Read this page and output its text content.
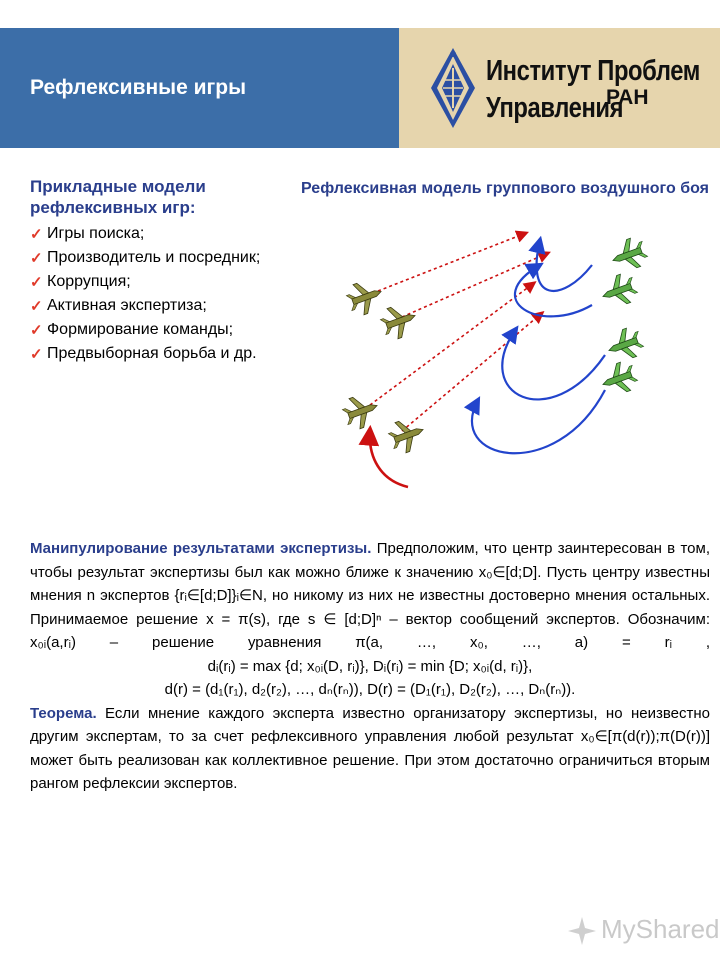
Рефлексивные игры
Институт Проблем
Управления
РАН
Прикладные модели рефлексивных игр:
✓ Игры поиска;
✓ Производитель и посредник;
✓ Коррупция;
✓ Активная экспертиза;
✓ Формирование команды;
✓ Предвыборная борьба и др.
Рефлексивная модель группового воздушного боя
Манипулирование результатами экспертизы. Предположим, что центр заинтересован в том, чтобы результат экспертизы был как можно ближе к значению x₀∈[d;D]. Пусть центру известны мнения n экспертов {rᵢ∈[d;D]}ᵢ∈N, но никому из них не известны достоверно мнения остальных. Принимаемое решение x = π(s), где s ∈ [d;D]ⁿ – вектор сообщений экспертов. Обозначим: x₀ᵢ(a,rᵢ) – решение уравнения π(a, …, x₀, …, a) = rᵢ ,
dᵢ(rᵢ) = max {d; x₀ᵢ(D, rᵢ)}, Dᵢ(rᵢ) = min {D; x₀ᵢ(d, rᵢ)},
d(r) = (d₁(r₁), d₂(r₂), …, dₙ(rₙ)), D(r) = (D₁(r₁), D₂(r₂), …, Dₙ(rₙ)).
Теорема. Если мнение каждого эксперта известно организатору экспертизы, но неизвестно другим экспертам, то за счет рефлексивного управления любой результат x₀∈[π(d(r));π(D(r))] может быть реализован как коллективное решение. При этом достаточно ограничиться вторым рангом рефлексии экспертов.
MyShared
